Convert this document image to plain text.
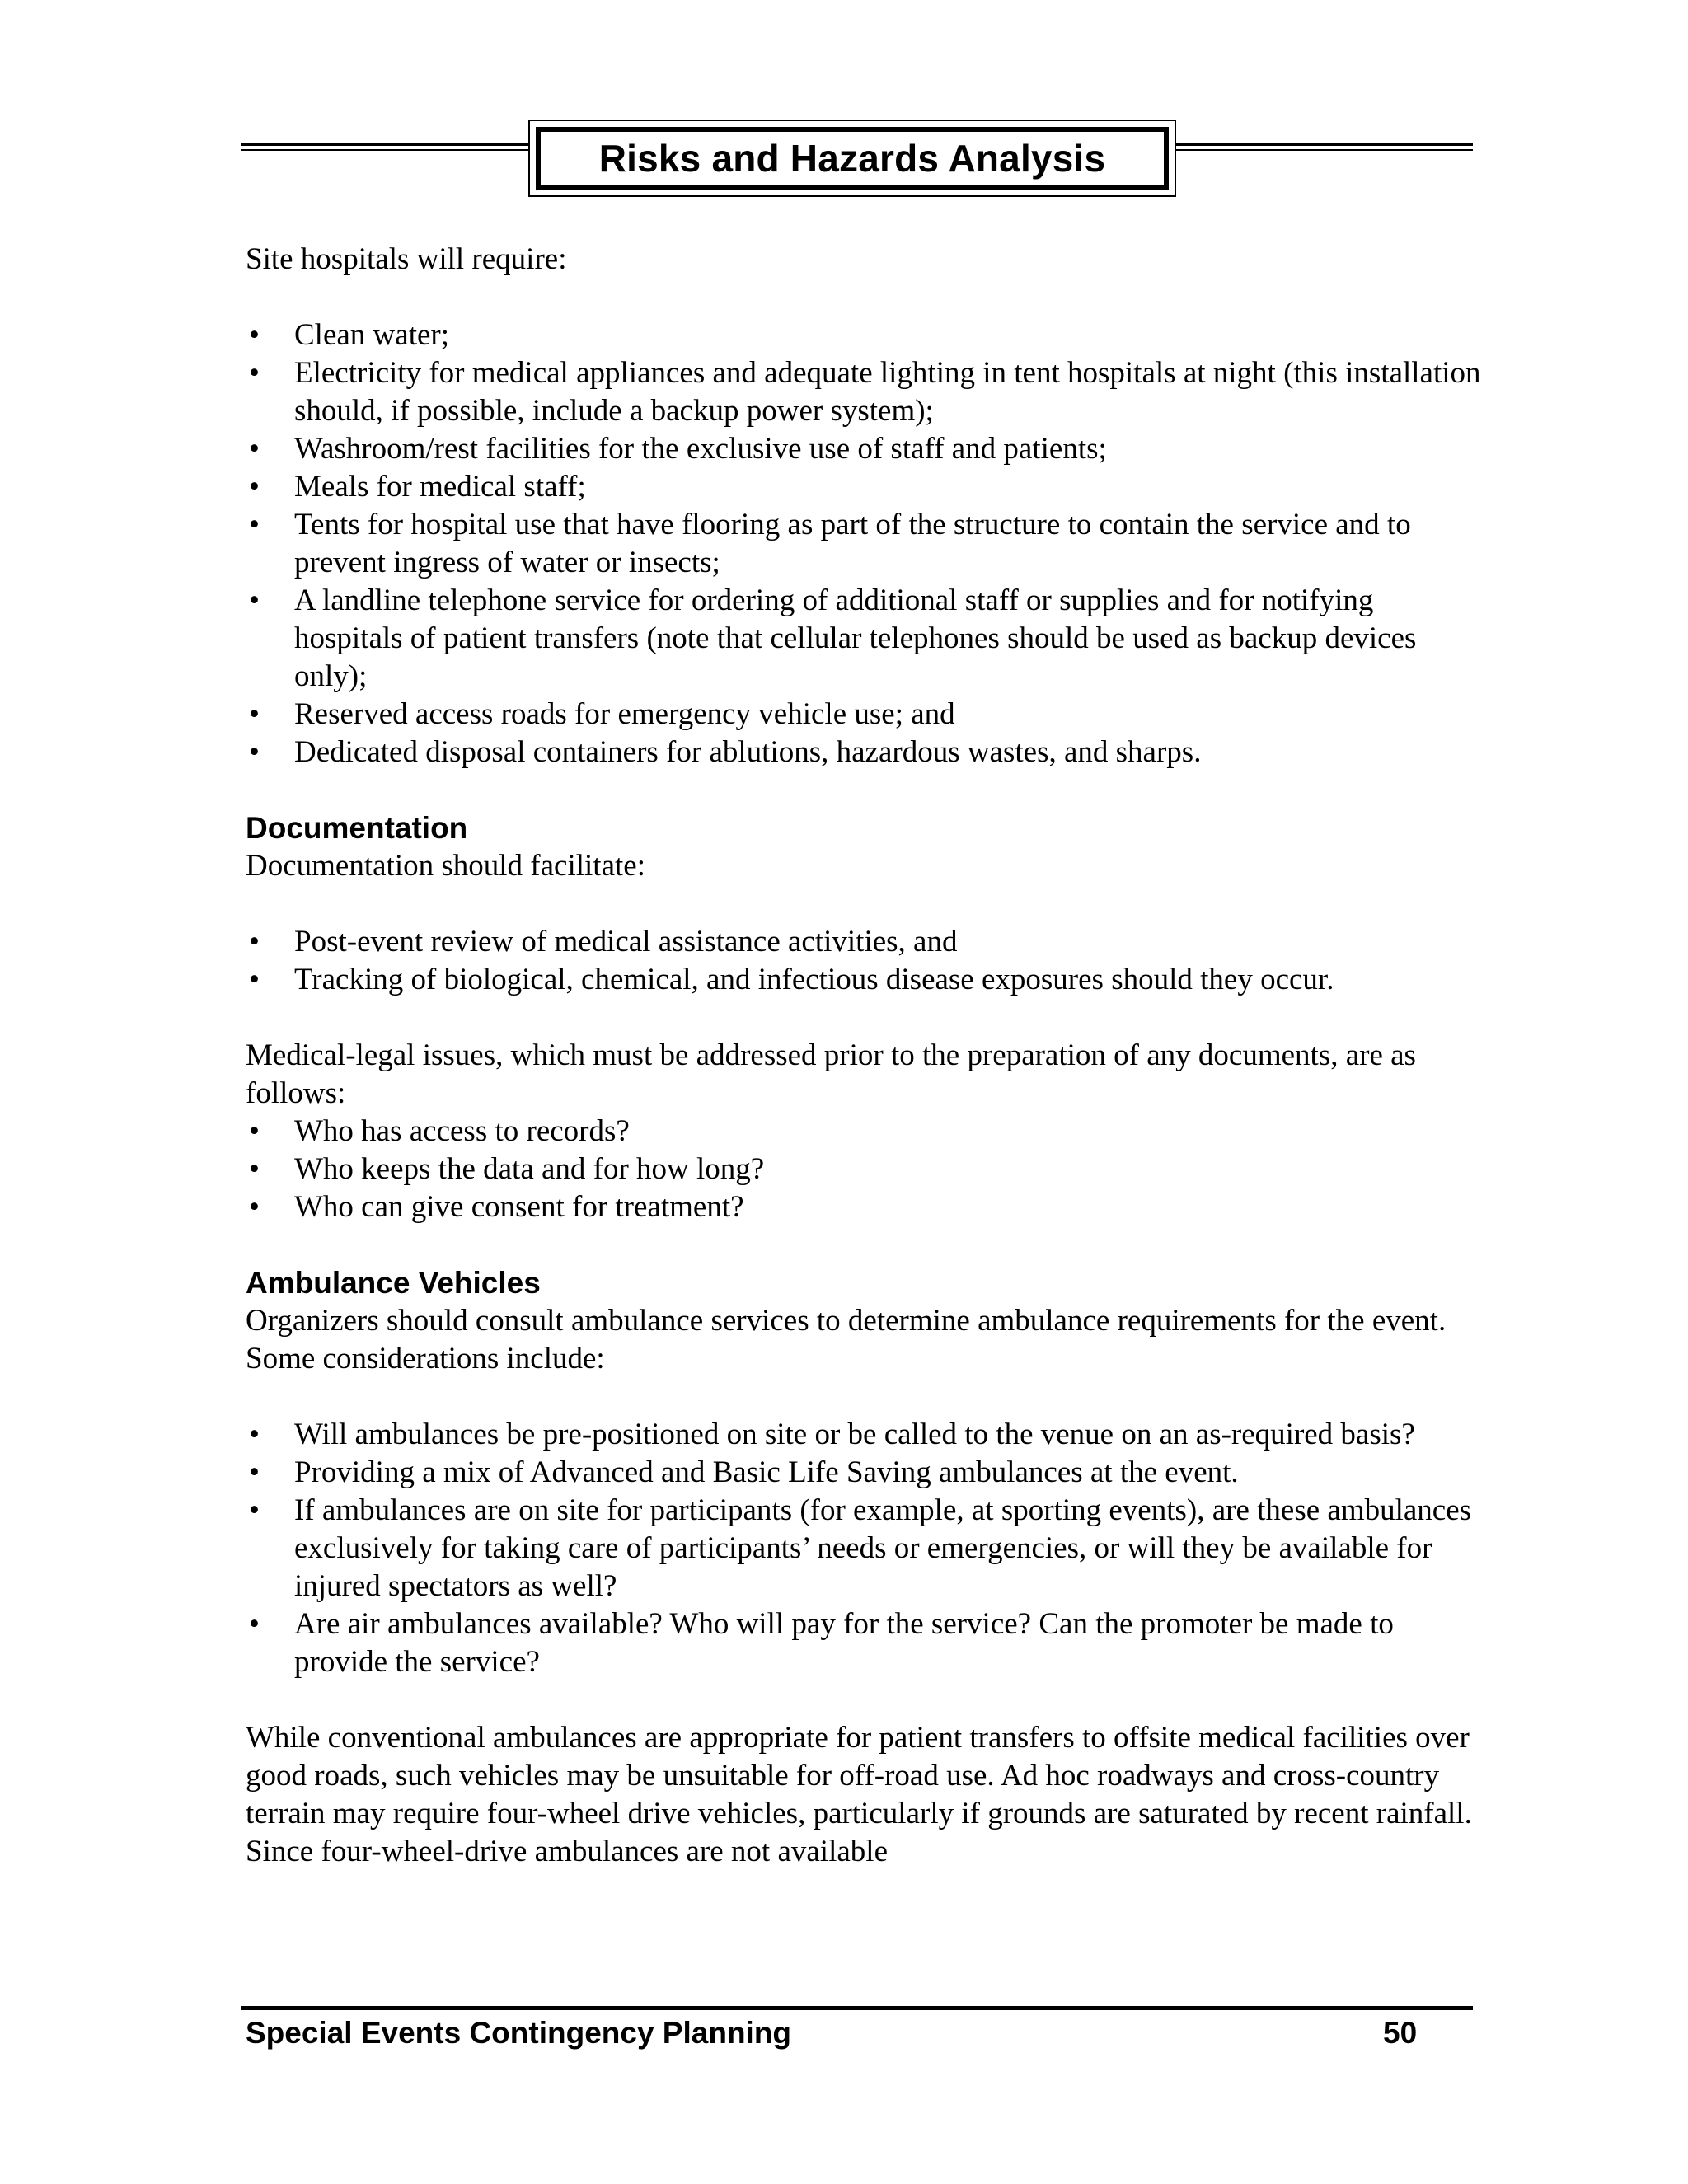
Risks and Hazards Analysis

Site hospitals will require:

• Clean water;
• Electricity for medical appliances and adequate lighting in tent hospitals at night (this installation should, if possible, include a backup power system);
• Washroom/rest facilities for the exclusive use of staff and patients;
• Meals for medical staff;
• Tents for hospital use that have flooring as part of the structure to contain the service and to prevent ingress of water or insects;
• A landline telephone service for ordering of additional staff or supplies and for notifying hospitals of patient transfers (note that cellular telephones should be used as backup devices only);
• Reserved access roads for emergency vehicle use; and
• Dedicated disposal containers for ablutions, hazardous wastes, and sharps.
Documentation

Documentation should facilitate:

• Post-event review of medical assistance activities, and
• Tracking of biological, chemical, and infectious disease exposures should they occur.

Medical-legal issues, which must be addressed prior to the preparation of any documents, are as follows:

• Who has access to records?
• Who keeps the data and for how long?
• Who can give consent for treatment?
Ambulance Vehicles

Organizers should consult ambulance services to determine ambulance requirements for the event. Some considerations include:

• Will ambulances be pre-positioned on site or be called to the venue on an as-required basis?
• Providing a mix of Advanced and Basic Life Saving ambulances at the event.
• If ambulances are on site for participants (for example, at sporting events), are these ambulances exclusively for taking care of participants’ needs or emergencies, or will they be available for injured spectators as well?
• Are air ambulances available? Who will pay for the service? Can the promoter be made to provide the service?

While conventional ambulances are appropriate for patient transfers to offsite medical facilities over good roads, such vehicles may be unsuitable for off-road use. Ad hoc roadways and cross-country terrain may require four-wheel drive vehicles, particularly if grounds are saturated by recent rainfall. Since four-wheel-drive ambulances are not available

Special Events Contingency Planning	50
